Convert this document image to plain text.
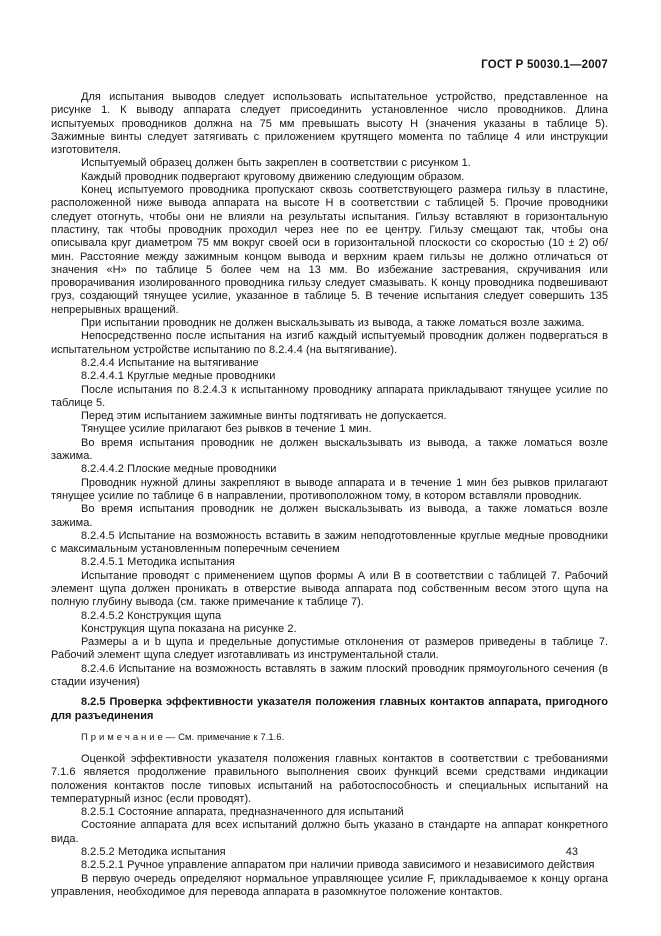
ГОСТ Р 50030.1—2007

Для испытания выводов следует использовать испытательное устройство, представленное на рисунке 1. К выводу аппарата следует присоединить установленное число проводников. Длина испытуемых проводников должна на 75 мм превышать высоту Н (значения указаны в таблице 5). Зажимные винты следует затягивать с приложением крутящего момента по таблице 4 или инструкции изготовителя.

Испытуемый образец должен быть закреплен в соответствии с рисунком 1.

Каждый проводник подвергают круговому движению следующим образом.

Конец испытуемого проводника пропускают сквозь соответствующего размера гильзу в пластине, расположенной ниже вывода аппарата на высоте Н в соответствии с таблицей 5. Прочие проводники следует отогнуть, чтобы они не влияли на результаты испытания. Гильзу вставляют в горизонтальную пластину, так чтобы проводник проходил через нее по ее центру. Гильзу смещают так, чтобы она описывала круг диаметром 75 мм вокруг своей оси в горизонтальной плоскости со скоростью (10 ± 2) об/мин. Расстояние между зажимным концом вывода и верхним краем гильзы не должно отличаться от значения «Н» по таблице 5 более чем на 13 мм. Во избежание застревания, скручивания или проворачивания изолированного проводника гильзу следует смазывать. К концу проводника подвешивают груз, создающий тянущее усилие, указанное в таблице 5. В течение испытания следует совершить 135 непрерывных вращений.

При испытании проводник не должен выскальзывать из вывода, а также ломаться возле зажима.

Непосредственно после испытания на изгиб каждый испытуемый проводник должен подвергаться в испытательном устройстве испытанию по 8.2.4.4 (на вытягивание).

8.2.4.4 Испытание на вытягивание

8.2.4.4.1 Круглые медные проводники

После испытания по 8.2.4.3 к испытанному проводнику аппарата прикладывают тянущее усилие по таблице 5.

Перед этим испытанием зажимные винты подтягивать не допускается.

Тянущее усилие прилагают без рывков в течение 1 мин.

Во время испытания проводник не должен выскальзывать из вывода, а также ломаться возле зажима.

8.2.4.4.2 Плоские медные проводники

Проводник нужной длины закрепляют в выводе аппарата и в течение 1 мин без рывков прилагают тянущее усилие по таблице 6 в направлении, противоположном тому, в котором вставляли проводник.

Во время испытания проводник не должен выскальзывать из вывода, а также ломаться возле зажима.

8.2.4.5 Испытание на возможность вставить в зажим неподготовленные круглые медные проводники с максимальным установленным поперечным сечением

8.2.4.5.1 Методика испытания

Испытание проводят с применением щупов формы А или В в соответствии с таблицей 7. Рабочий элемент щупа должен проникать в отверстие вывода аппарата под собственным весом этого щупа на полную глубину вывода (см. также примечание к таблице 7).

8.2.4.5.2 Конструкция щупа

Конструкция щупа показана на рисунке 2.

Размеры a и b щупа и предельные допустимые отклонения от размеров приведены в таблице 7. Рабочий элемент щупа следует изготавливать из инструментальной стали.

8.2.4.6 Испытание на возможность вставлять в зажим плоский проводник прямоугольного сечения (в стадии изучения)

8.2.5 Проверка эффективности указателя положения главных контактов аппарата, пригодного для разъединения

П р и м е ч а н и е — См. примечание к 7.1.6.

Оценкой эффективности указателя положения главных контактов в соответствии с требованиями 7.1.6 является продолжение правильного выполнения своих функций всеми средствами индикации положения контактов после типовых испытаний на работоспособность и специальных испытаний на температурный износ (если проводят).

8.2.5.1 Состояние аппарата, предназначенного для испытаний

Состояние аппарата для всех испытаний должно быть указано в стандарте на аппарат конкретного вида.

8.2.5.2 Методика испытания

8.2.5.2.1 Ручное управление аппаратом при наличии привода зависимого и независимого действия

В первую очередь определяют нормальное управляющее усилие F, прикладываемое к концу органа управления, необходимое для перевода аппарата в разомкнутое положение контактов.

43
